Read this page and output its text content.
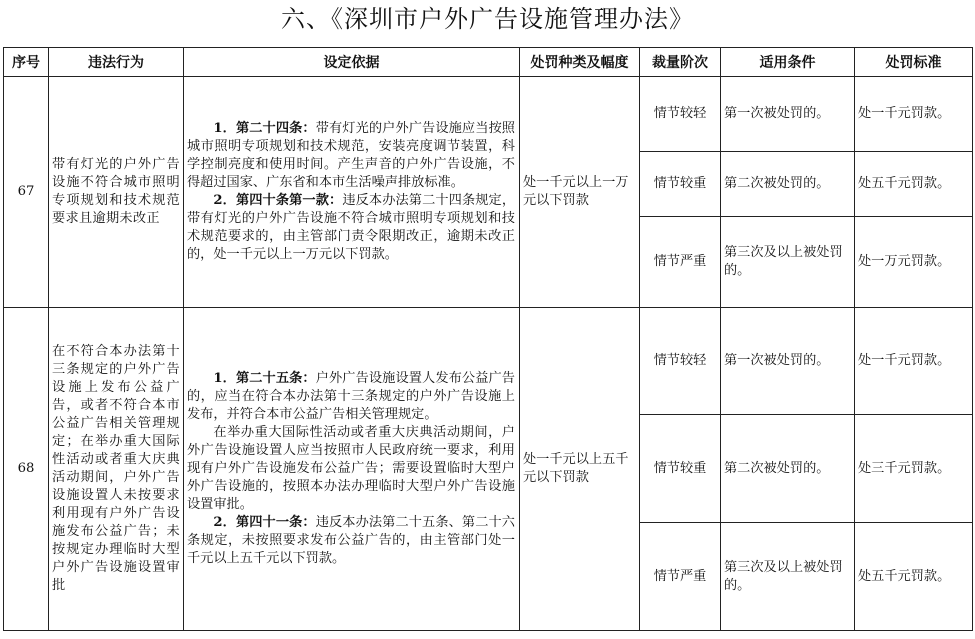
六、《深圳市户外广告设施管理办法》
序号	违法行为	设定依据	处罚种类及幅度	裁量阶次	适用条件	处罚标准
67	带有灯光的户外广告设施不符合城市照明专项规划和技术规范要求且逾期未改正	1．第二十四条：带有灯光的户外广告设施应当按照城市照明专项规划和技术规范，安装亮度调节装置，科学控制亮度和使用时间。产生声音的户外广告设施，不得超过国家、广东省和本市生活噪声排放标准。

2．第四十条第一款：违反本办法第二十四条规定，带有灯光的户外广告设施不符合城市照明专项规划和技术规范要求的，由主管部门责令限期改正，逾期未改正的，处一千元以上一万元以下罚款。	处一千元以上一万元以下罚款	情节较轻	第一次被处罚的。	处一千元罚款。
				情节较重	第二次被处罚的。	处五千元罚款。
				情节严重	第三次及以上被处罚的。	处一万元罚款。
68	在不符合本办法第十三条规定的户外广告设施上发布公益广告，或者不符合本市公益广告相关管理规定；在举办重大国际性活动或者重大庆典活动期间，户外广告设施设置人未按要求利用现有户外广告设施发布公益广告；未按规定办理临时大型户外广告设施设置审批	1．第二十五条：户外广告设施设置人发布公益广告的，应当在符合本办法第十三条规定的户外广告设施上发布，并符合本市公益广告相关管理规定。

在举办重大国际性活动或者重大庆典活动期间，户外广告设施设置人应当按照市人民政府统一要求，利用现有户外广告设施发布公益广告；需要设置临时大型户外广告设施的，按照本办法办理临时大型户外广告设施设置审批。

2．第四十一条：违反本办法第二十五条、第二十六条规定，未按照要求发布公益广告的，由主管部门处一千元以上五千元以下罚款。	处一千元以上五千元以下罚款	情节较轻	第一次被处罚的。	处一千元罚款。
				情节较重	第二次被处罚的。	处三千元罚款。
				情节严重	第三次及以上被处罚的。	处五千元罚款。
